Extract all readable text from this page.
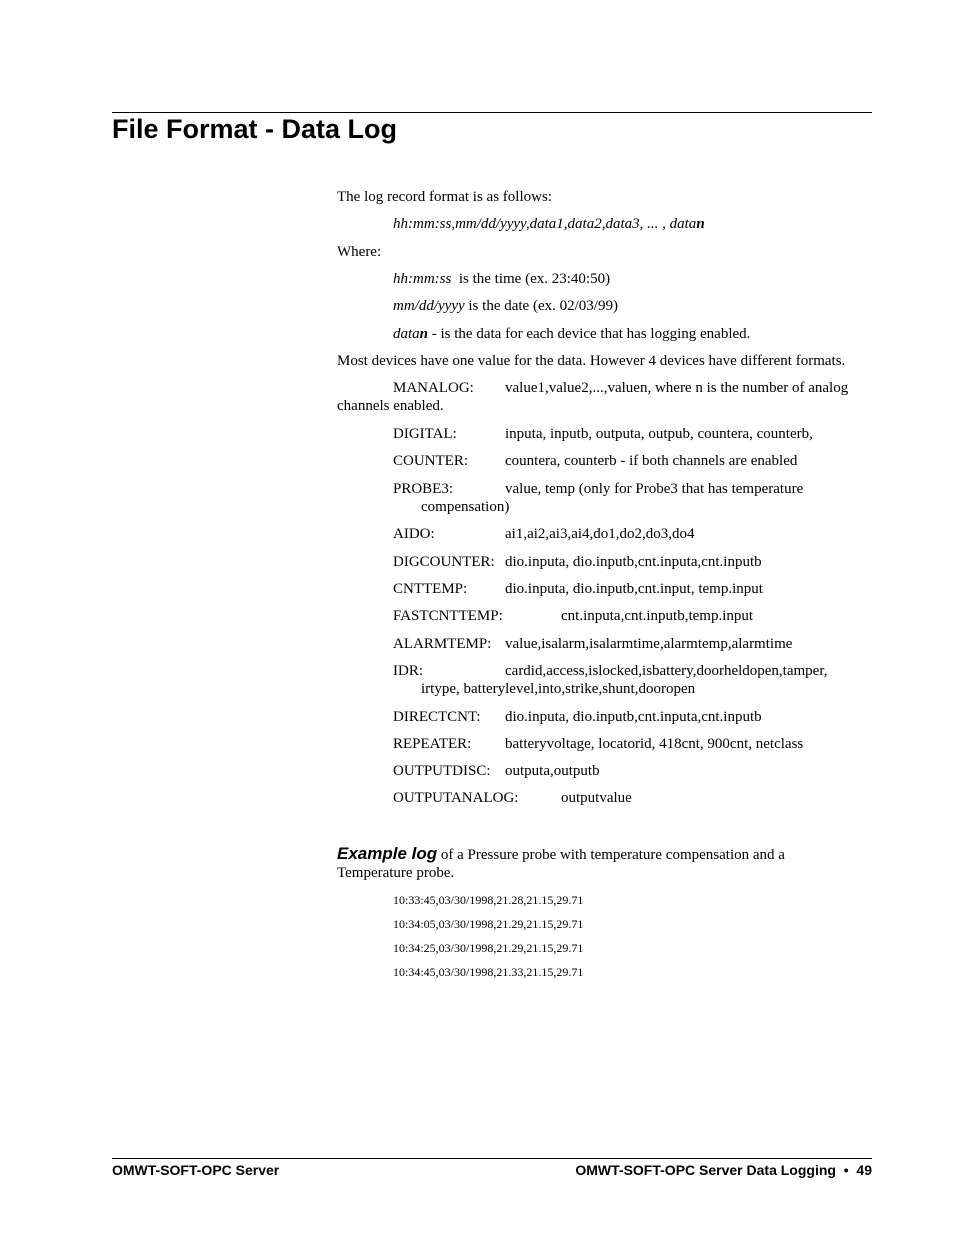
File Format - Data Log
The log record format is as follows:
hh:mm:ss,mm/dd/yyyy,data1,data2,data3, ... , datan
Where:
hh:mm:ss  is the time (ex. 23:40:50)
mm/dd/yyyy is the date (ex. 02/03/99)
datan - is the data for each device that has logging enabled.
Most devices have one value for the data. However 4 devices have different formats.
MANALOG: value1,value2,...,valuen, where n is the number of analog channels enabled.
DIGITAL:	inputa, inputb, outputa, outpub, countera, counterb,
COUNTER: countera, counterb - if both channels are enabled
PROBE3:	value, temp (only for Probe3 that has temperature
compensation)
AIDO:	ai1,ai2,ai3,ai4,do1,do2,do3,do4
DIGCOUNTER: dio.inputa, dio.inputb,cnt.inputa,cnt.inputb
CNTTEMP:	dio.inputa, dio.inputb,cnt.input, temp.input
FASTCNTTEMP:	cnt.inputa,cnt.inputb,temp.input
ALARMTEMP: value,isalarm,isalarmtime,alarmtemp,alarmtime
IDR:	cardid,access,islocked,isbattery,doorheldopen,tamper,
irtype, batterylevel,into,strike,shunt,dooropen
DIRECTCNT: dio.inputa, dio.inputb,cnt.inputa,cnt.inputb
REPEATER: batteryvoltage, locatorid, 418cnt, 900cnt, netclass
OUTPUTDISC: outputa,outputb
OUTPUTANALOG:	outputvalue
Example log of a Pressure probe with temperature compensation and a Temperature probe.
10:33:45,03/30/1998,21.28,21.15,29.71
10:34:05,03/30/1998,21.29,21.15,29.71
10:34:25,03/30/1998,21.29,21.15,29.71
10:34:45,03/30/1998,21.33,21.15,29.71
OMWT-SOFT-OPC Server	OMWT-SOFT-OPC Server Data Logging • 49
